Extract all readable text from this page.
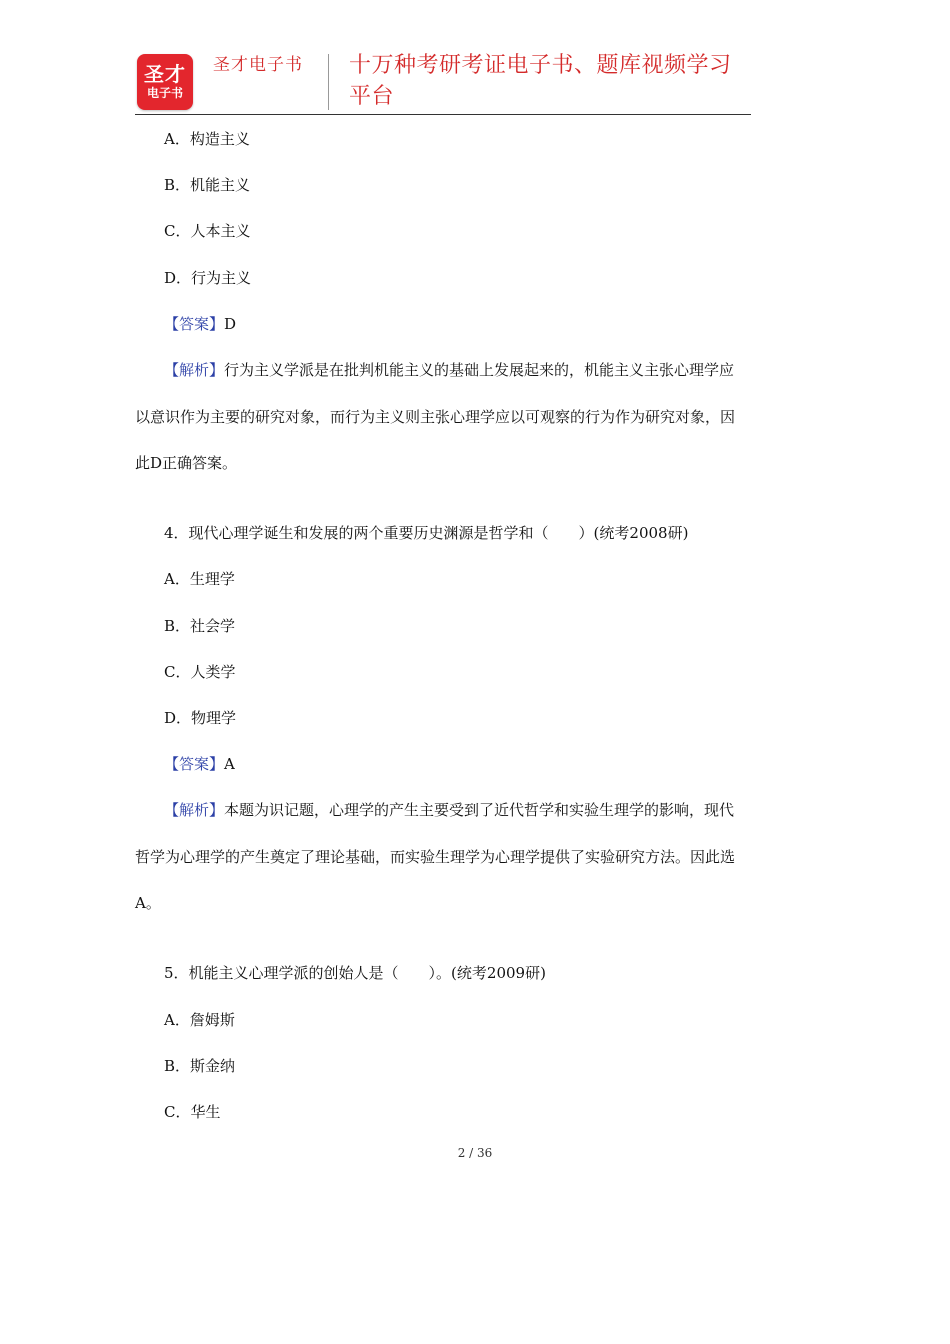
圣才
电子书
圣才电子书 十万种考研考证电子书、题库视频学习平台
A．构造主义
B．机能主义
C．人本主义
D．行为主义
【答案】D
【解析】行为主义学派是在批判机能主义的基础上发展起来的，机能主义主张心理学应
以意识作为主要的研究对象，而行为主义则主张心理学应以可观察的行为作为研究对象，因
此D正确答案。
4．现代心理学诞生和发展的两个重要历史渊源是哲学和（　　）(统考2008研)
A．生理学
B．社会学
C．人类学
D．物理学
【答案】A
【解析】本题为识记题，心理学的产生主要受到了近代哲学和实验生理学的影响，现代
哲学为心理学的产生奠定了理论基础，而实验生理学为心理学提供了实验研究方法。因此选
A。
5．机能主义心理学派的创始人是（　　）。(统考2009研)
A．詹姆斯
B．斯金纳
C．华生
2 / 36
